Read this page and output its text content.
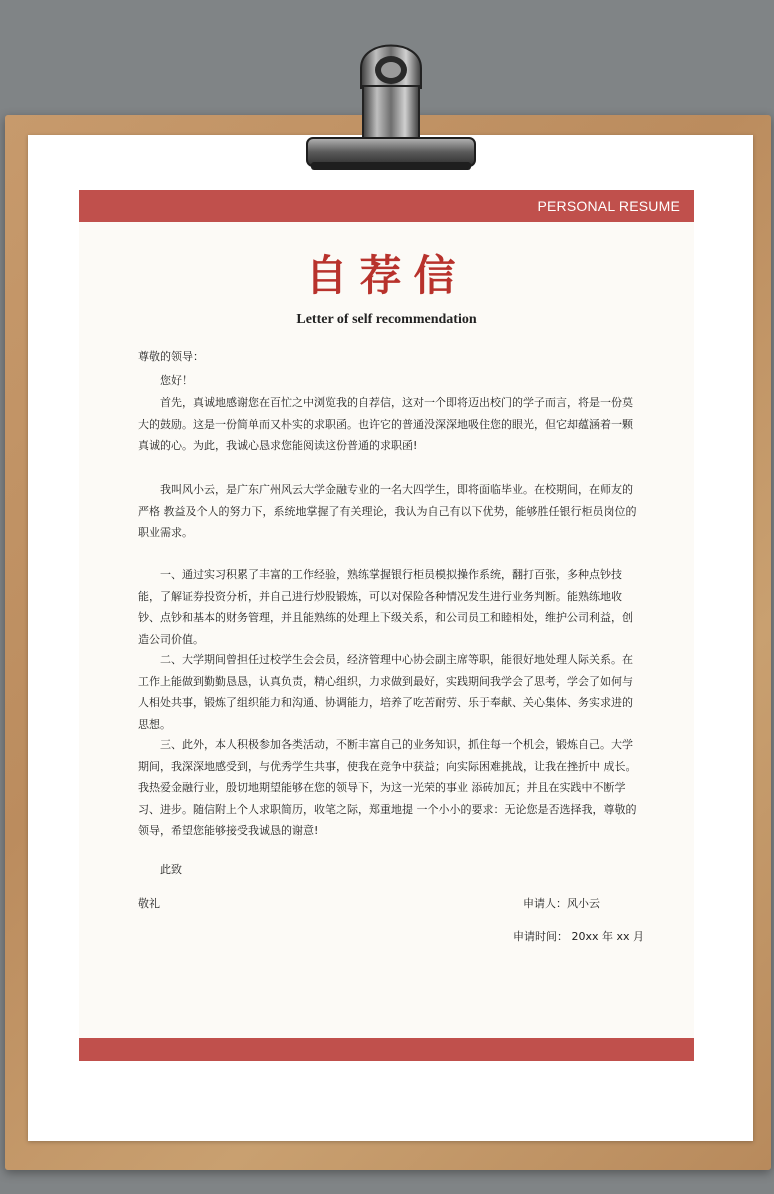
PERSONAL RESUME
自荐信
Letter of self recommendation
尊敬的领导：
您好！

首先，真诚地感谢您在百忙之中浏览我的自荐信，这对一个即将迈出校门的学子而言，将是一份莫大的鼓励。这是一份简单而又朴实的求职函。也许它的普通没深深地吸住您的眼光，但它却蕴涵着一颗真诚的心。为此，我诚心恳求您能阅读这份普通的求职函!

我叫风小云，是广东广州风云大学金融专业的一名大四学生，即将面临毕业。在校期间，在师友的严格 教益及个人的努力下，系统地掌握了有关理论，我认为自己有以下优势，能够胜任银行柜员岗位的职业需求。

一、通过实习积累了丰富的工作经验，熟练掌握银行柜员模拟操作系统，翻打百张，多种点钞技能，了解证券投资分析，并自己进行炒股锻炼，可以对保险各种情况发生进行业务判断。能熟练地收钞、点钞和基本的财务管理，并且能熟练的处理上下级关系，和公司员工和睦相处，维护公司利益，创造公司价值。

二、大学期间曾担任过校学生会会员，经济管理中心协会副主席等职，能很好地处理人际关系。在工作上能做到勤勤恳恳，认真负责，精心组织，力求做到最好，实践期间我学会了思考，学会了如何与人相处共事，锻炼了组织能力和沟通、协调能力，培养了吃苦耐劳、乐于奉献、关心集体、务实求进的思想。

三、此外，本人积极参加各类活动，不断丰富自己的业务知识，抓住每一个机会，锻炼自己。大学期间，我深深地感受到，与优秀学生共事，使我在竞争中获益；向实际困难挑战，让我在挫折中 成长。我热爱金融行业，殷切地期望能够在您的领导下，为这一光荣的事业 添砖加瓦；并且在实践中不断学习、进步。随信附上个人求职简历，收笔之际，郑重地提 一个小小的要求：无论您是否选择我，尊敬的领导，希望您能够接受我诚恳的谢意!

此致
敬礼	申请人：风小云
申请时间： 20xx 年 xx 月
